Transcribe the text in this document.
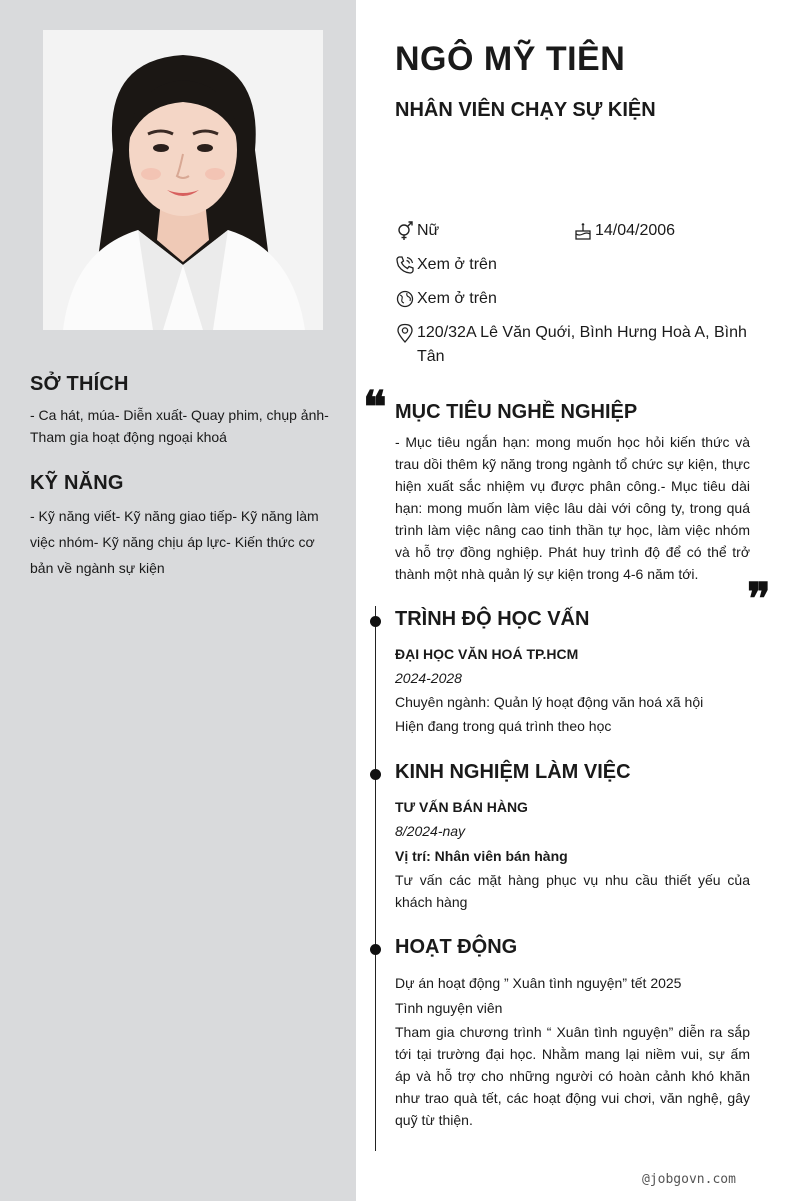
SỞ THÍCH
- Ca hát, múa- Diễn xuất- Quay phim, chụp ảnh- Tham gia hoạt động ngoại khoá
KỸ NĂNG
- Kỹ năng viết- Kỹ năng giao tiếp- Kỹ năng làm việc nhóm- Kỹ năng chịu áp lực- Kiến thức cơ bản về ngành sự kiện
NGÔ MỸ TIÊN
NHÂN VIÊN CHẠY SỰ KIỆN
Nữ	14/04/2006
Xem ở trên
Xem ở trên
120/32A Lê Văn Quới, Bình Hưng Hoà A, Bình Tân
❝ MỤC TIÊU NGHỀ NGHIỆP
- Mục tiêu ngắn hạn: mong muốn học hỏi kiến thức và trau dồi thêm kỹ năng trong ngành tổ chức sự kiện, thực hiện xuất sắc nhiệm vụ được phân công.- Mục tiêu dài hạn: mong muốn làm việc lâu dài với công ty, trong quá trình làm việc nâng cao tinh thần tự học, làm việc nhóm và hỗ trợ đồng nghiệp. Phát huy trình độ để có thể trở thành một nhà quản lý sự kiện trong 4-6 năm tới.	❞
TRÌNH ĐỘ HỌC VẤN
ĐẠI HỌC VĂN HOÁ TP.HCM
2024-2028
Chuyên ngành: Quản lý hoạt động văn hoá xã hội
Hiện đang trong quá trình theo học
KINH NGHIỆM LÀM VIỆC
TƯ VẤN BÁN HÀNG
8/2024-nay
Vị trí: Nhân viên bán hàng
Tư vấn các mặt hàng phục vụ nhu cầu thiết yếu của khách hàng
HOẠT ĐỘNG
Dự án hoạt động ” Xuân tình nguyện” tết 2025
Tình nguyện viên
Tham gia chương trình “ Xuân tình nguyện” diễn ra sắp tới tại trường đại học. Nhằm mang lại niềm vui, sự ấm áp và hỗ trợ cho những người có hoàn cảnh khó khăn như trao quà tết, các hoạt động vui chơi, văn nghệ, gây quỹ từ thiện.
@jobgovn.com
